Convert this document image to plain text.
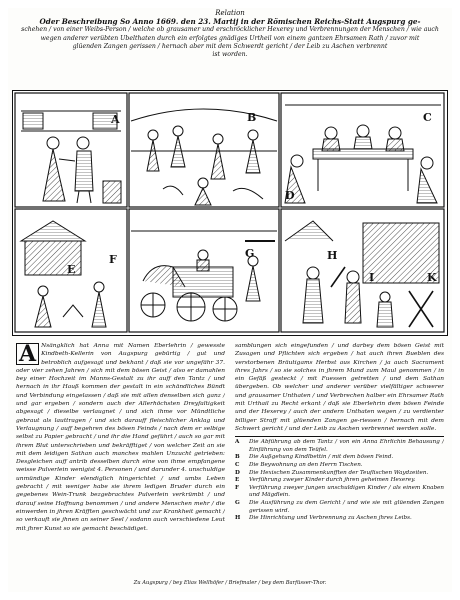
Relation
Oder Beschreibung So Anno 1669. den 23. Martij in der Römischen Reichs-Statt Augspurg ge-
schehen / von einer Weibs-Person / welche ob grausamer und erschröcklicher Hexerey und Verbrennungen der Menschen / wie auch
wegen anderer verübten Ubelthaten durch ein erfolgtes gnädiges Urtheil von einem gantzen Ehrsamen Rath / zuvor mit
glüenden Zangen gerissen / hernach aber mit dem Schwerdt gericht / der Leib zu Aschen verbrennt
ist worden.
A	B	C
D
E
F	G	H
I	K
A Nsängklich hat Anna mit Namen Eberlehrin / gewesste Kindbeth-Kellerin von Augspurg gebürtig / gut und betroblich aufgesagt und bekhant / daß sie vor ungefähr 37. oder vier zehen Jahren / sich mit dem bösen Geist / also er damahlen bey einer Hochzeit im Manns-Gestalt zu ihr auff den Tantz / und hernach in ihr Hauß kommen der gestalt in ein schändliches Bündt und Verbindung eingelassen / daß sie mit allen denselben sich ganz / und gar ergeben / sondern auch der Allerhöchsten Dreyfaltigkeit abgesagt / dieselbe verlaugnet / und sich ihme vor Mündtliche gebraut als lauttragen / und sich darauff fleischlicher Anklag und Verlaugnung / auff begehren des bösen Feinds / nach dem er selbige selbst zu Papier gebracht / und ihr die Hand geführt / auch so gar mit ihrem Blut unterschrieben und bekräfftiget / von welcher Zeit an sie mit dem leidigen Sathan auch manches mahlen Unzucht getrieben: Desgleichen auff antrib desselben durch eine von ihme empfangene weisse Pulverlein wenigist 4. Personen / und darunder 4. unschuldige unmündige Kinder elendiglich hingerichtet / und umbs Leben gebracht / mit weniger habe sie ihrem ledigen Bruder durch ein gegebenes Wein-Trunk bezgebrachtes Pulverlein verkrümbt / und darauf seine Hoffnung benommen / und andere Menschen mehr / die einwerden in jhren Kräfften geschwächt und zur Krankheit gemacht / so verkauft sie jhnen an seiner Seel / sodann auch verschiedene Leut mit jhrer Kunst so sie gemacht beschädiget.

samblungen sich eingefunden / und darbey dem bösen Geist mit Zusagen und Pflichten sich ergeben / hat auch ihren Bueblen des verstorbenen Bräutigams Herbst aus Kirchen / ja auch Sacrament ihres Jahrs / so sie solches in jhrem Mund zum Maul genommen / in ein Gefäß gesteckt / mit Fuessen getretten / und dem Sathan übergeben. Ob welcher und anderer verüber vielfältiger schwerer und grausamer Unthaten / und Verbrechen halber ein Ehrsamer Rath mit Urthail zu Recht erkant / daß sie Eberlehrin dem bösen Feinde und der Hexerey / auch der andern Unthaten wegen / zu verdienter billiger Straff mit glüenden Zangen ge-riessen / hernach mit dem Schwert gericht / und der Leib zu Aschen verbrennet werden solle.

A	Die Abführung ab dem Tantz / von ein Anna Ehrlichin Behausung / Einfährung von dem Teüfel.
B	Die Außgehung Kindlbettin / mit dem bösen Feind.
C	Die Beywohnung an den Herrn Tischen.
D	Die Hexischen Zusammenkunfften der Teuflischen Waydzeiten.
E	Verführung zweyer Kinder durch jhren geheimen Hexerey.
F	Verführung zweyer jungen unschuldigen Kinder / als einem Knaben und Mägdlein.
G	Die Ausführung zu dem Gericht / und wie sie mit glüenden Zangen gerissen wird.
H	Die Hinrichtung und Verbrennung zu Aschen jhres Leibs.
Zu Augspurg / bey Elias Wellhöfer / Briefmaler / bey dem Barfüsser-Thor.
